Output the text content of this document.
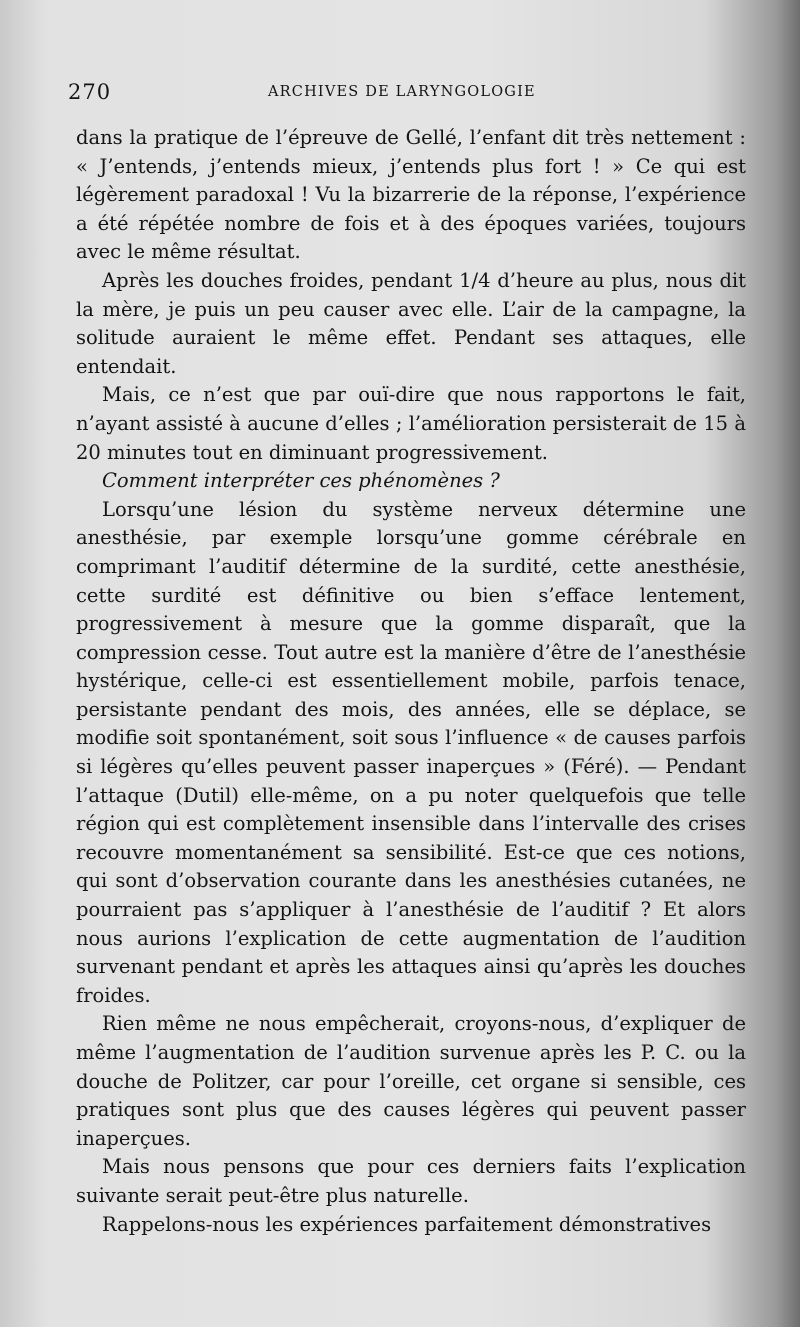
270	ARCHIVES DE LARYNGOLOGIE

dans la pratique de l’épreuve de Gellé, l’enfant dit très nettement : « J’entends, j’entends mieux, j’entends plus fort ! » Ce qui est légèrement paradoxal ! Vu la bizarrerie de la réponse, l’expérience a été répétée nombre de fois et à des époques variées, toujours avec le même résultat.

Après les douches froides, pendant 1/4 d’heure au plus, nous dit la mère, je puis un peu causer avec elle. L’air de la campagne, la solitude auraient le même effet. Pendant ses attaques, elle entendait.

Mais, ce n’est que par ouï-dire que nous rapportons le fait, n’ayant assisté à aucune d’elles ; l’amélioration persisterait de 15 à 20 minutes tout en diminuant progressivement.

Comment interpréter ces phénomènes ?

Lorsqu’une lésion du système nerveux détermine une anesthésie, par exemple lorsqu’une gomme cérébrale en comprimant l’auditif détermine de la surdité, cette anesthésie, cette surdité est définitive ou bien s’efface lentement, progressivement à mesure que la gomme disparaît, que la compression cesse. Tout autre est la manière d’être de l’anesthésie hystérique, celle-ci est essentiellement mobile, parfois tenace, persistante pendant des mois, des années, elle se déplace, se modifie soit spontanément, soit sous l’influence « de causes parfois si légères qu’elles peuvent passer inaperçues » (Féré). — Pendant l’attaque (Dutil) elle-même, on a pu noter quelquefois que telle région qui est complètement insensible dans l’intervalle des crises recouvre momentanément sa sensibilité. Est-ce que ces notions, qui sont d’observation courante dans les anesthésies cutanées, ne pourraient pas s’appliquer à l’anesthésie de l’auditif ? Et alors nous aurions l’explication de cette augmentation de l’audition survenant pendant et après les attaques ainsi qu’après les douches froides.

Rien même ne nous empêcherait, croyons-nous, d’expliquer de même l’augmentation de l’audition survenue après les P. C. ou la douche de Politzer, car pour l’oreille, cet organe si sensible, ces pratiques sont plus que des causes légères qui peuvent passer inaperçues.

Mais nous pensons que pour ces derniers faits l’explication suivante serait peut-être plus naturelle.

Rappelons-nous les expériences parfaitement démonstratives
